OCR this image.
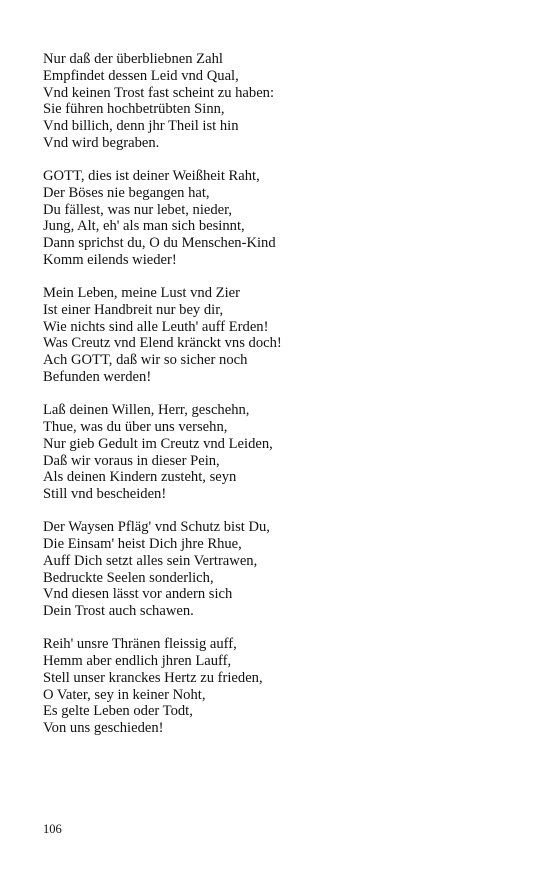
Nur daß der überbliebnen Zahl
Empfindet dessen Leid vnd Qual,
Vnd keinen Trost fast scheint zu haben:
Sie führen hochbetrübten Sinn,
Vnd billich, denn jhr Theil ist hin
Vnd wird begraben.
GOTT, dies ist deiner Weißheit Raht,
Der Böses nie begangen hat,
Du fällest, was nur lebet, nieder,
Jung, Alt, eh' als man sich besinnt,
Dann sprichst du, O du Menschen-Kind
Komm eilends wieder!
Mein Leben, meine Lust vnd Zier
Ist einer Handbreit nur bey dir,
Wie nichts sind alle Leuth' auff Erden!
Was Creutz vnd Elend kränckt vns doch!
Ach GOTT, daß wir so sicher noch
Befunden werden!
Laß deinen Willen, Herr, geschehn,
Thue, was du über uns versehn,
Nur gieb Gedult im Creutz vnd Leiden,
Daß wir voraus in dieser Pein,
Als deinen Kindern zusteht, seyn
Still vnd bescheiden!
Der Waysen Pfläg' vnd Schutz bist Du,
Die Einsam' heist Dich jhre Rhue,
Auff Dich setzt alles sein Vertrawen,
Bedruckte Seelen sonderlich,
Vnd diesen lässt vor andern sich
Dein Trost auch schawen.
Reih' unsre Thränen fleissig auff,
Hemm aber endlich jhren Lauff,
Stell unser kranckes Hertz zu frieden,
O Vater, sey in keiner Noht,
Es gelte Leben oder Todt,
Von uns geschieden!
106
